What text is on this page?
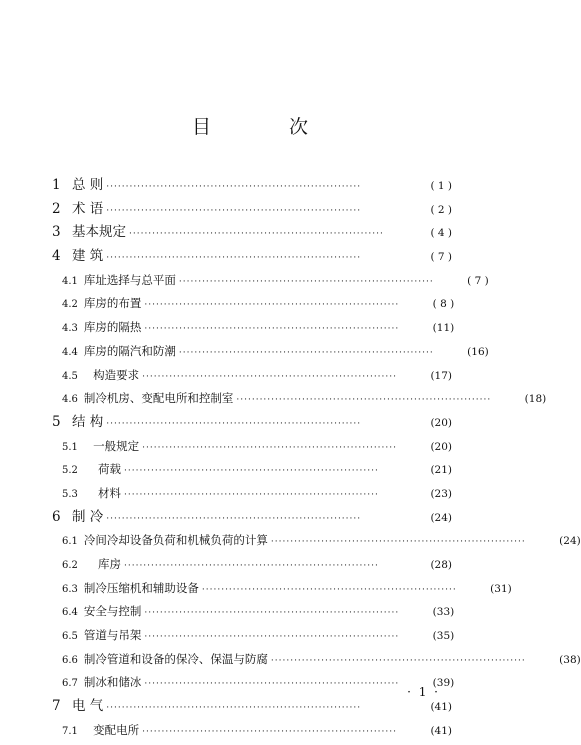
目 次
1 总 则 ··································································	( 1 )
2 术 语 ··································································	( 2 )
3 基本规定 ··································································	( 4 )
4 建 筑 ··································································	( 7 )
4.1 库址选择与总平面 ··································································	( 7 )
4.2 库房的布置 ··································································	( 8 )
4.3 库房的隔热 ··································································	(11)
4.4 库房的隔汽和防潮 ··································································	(16)
4.5	构造要求 ··································································	(17)
4.6 制冷机房、变配电所和控制室 ··································································	(18)
5 结 构 ··································································	(20)
5.1	一般规定 ··································································	(20)
5.2	荷载 ··································································	(21)
5.3	材料 ··································································	(23)
6 制 冷 ··································································	(24)
6.1 冷间冷却设备负荷和机械负荷的计算 ··································································	(24)
6.2	库房 ··································································	(28)
6.3 制冷压缩机和辅助设备 ··································································	(31)
6.4 安全与控制 ··································································	(33)
6.5 管道与吊架 ··································································	(35)
6.6 制冷管道和设备的保冷、保温与防腐 ··································································	(38)
6.7 制冰和储冰 ··································································	(39)
7 电 气 ··································································	(41)
7.1	变配电所 ··································································	(41)
· 1 ·
